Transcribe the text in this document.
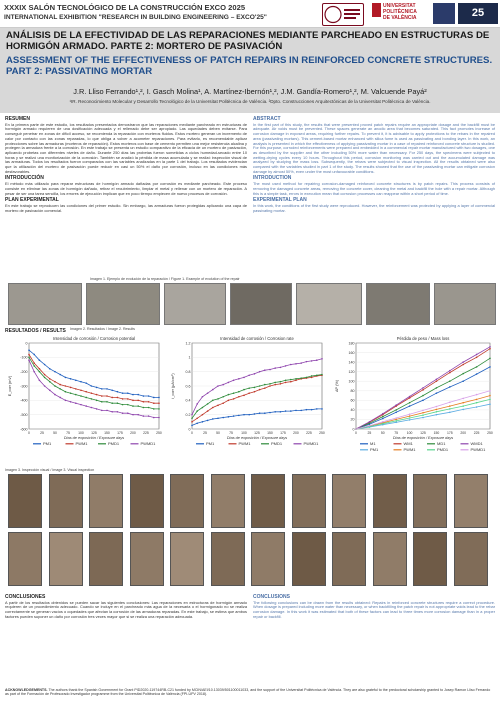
XXXIX SALÓN TECNOLÓGICO DE LA CONSTRUCCIÓN EXCO 2025
INTERNATIONAL EXHIBITION "RESEARCH IN BUILDING ENGINEERING – EXCO'25"
UNIVERSITAT POLITÈCNICA DE VALÈNCIA	25
ANÁLISIS DE LA EFECTIVIDAD DE LAS REPARACIONES MEDIANTE PARCHEADO EN ESTRUCTURAS DE HORMIGÓN ARMADO. PARTE 2: MORTERO DE PASIVACIÓN
ASSESSMENT OF THE EFFECTIVENESS OF PATCH REPAIRS IN REINFORCED CONCRETE STRUCTURES. PART 2: PASSIVATING MORTAR
J.R. Lliso Ferrando¹,², I. Gasch Molina¹, A. Martínez-Ibernón¹,², J.M. Gandía-Romero¹,², M. Valcuende Payá²
¹IR. Reconocimiento Molecular y Desarrollo Tecnológico de la Universitat Politècnica de València. ²Dpto. Construcciones Arquitectónicas de la Universitat Politècnica de València.
RESUMEN
En la primera parte de este estudio, los resultados presentados demostraron que las reparaciones mediante parcheado en estructuras de hormigón armado requieren de una dosificación adecuada y el rellenado debe ser apropiado. Las oquedades deben evitarse. Para conseguir penetrar en zonas de difícil acceso, se recomienda la reparación con morteros fluidos. Estos mortero generan un incremento de calor por contacto con las zonas reparadas, lo que obliga a volver a acometer reparaciones. Para evitarlo, es recomendable aplicar protecciones sobre las armaduras (morteros de reparación). Estos morteros con base de cemento permiten una mejor resistencia alcalina y protegen la armadura frente a la corrosión. En este trabajo se presenta un estudio comparativo de la eficacia de un mortero de pasivación, aplicando probetas con diferentes niveles de daño. Durante 250 días las probetas fueron sometidas a ciclos humedad-secado entre 10 horas y se realizó una monitorización de la corrosión. También se analizó la pérdida de masa acumulada y se realizó inspección visual de las armaduras. Todos los resultados fueron comparados con las variables analizadas en la parte 1 del trabajo. Los resultados evidencian que la utilización del mortero de pasivación puede reducir en casi un 50% el daño por corrosión, incluso en las condiciones más desfavorables.
INTRODUCCIÓN
El método más utilizado para reparar estructuras de hormigón armado dañadas por corrosión es mediante parcheado. Este proceso consiste en eliminar las zonas de hormigón dañado, retirar el recubrimiento, limpiar el metal y rellenar con un mortero de reparación. A pesar de ser una tarea sencilla, los errores de ejecución implican que en poco tiempo empiecen de nuevo procesos de corrosión.
PLAN EXPERIMENTAL
En este trabajo se reproducen las condiciones del primer estudio. Sin embargo, las armaduras fueron protegidas aplicando una capa de mortero de pasivación comercial.
ABSTRACT
In the first part of this study, the results that were presented proved patch repairs require an appropriate dosage and the backfill must be adequate. Air voids must be prevented. These spaces generate an anodic area that becomes saturated. This fact promotes increase of corrosion damage in exposed areas, requiring further repairs. To prevent it, it is advisable to apply protections to the rebars in the repaired area (passivating mortars). This cement-based mortar enhanced with silica fume is used as passivating and bonding layer. In this work, an analysis is presented in which the effectiveness of applying passivating mortar in a case of repaired reinforced concrete structure is studied. For this purpose, corroded reinforcements were prepared and embedded in a commercial repair mortar manufactured with two dosages, one as described by the supplier and the other including 50% more water than necessary. For 250 days, the specimens were subjected to wetting-drying cycles every 10 hours. Throughout this period, corrosion monitoring was carried out and the accumulated damage was analyzed by studying the mass loss. Subsequently, the rebars were subjected to visual inspection. All the results obtained were also compared with the variables studied in part 1 of the study. The results showed that the use of the passivating mortar can mitigate corrosion damage by almost 50%, even under the most unfavourable conditions.
INTRODUCTION
The most used method for repairing corrosion-damaged reinforced concrete structures is by patch repairs. This process consists of removing the damaged concrete areas, removing the concrete cover, cleaning the metal and backfill the hole with a repair mortar. Although this is a simple task, errors in execution mean that corrosion processes can reappear within a short period of time.
EXPERIMENTAL PLAN
In this work, the conditions of the first study were reproduced. However, the reinforcement was protected by applying a layer of commercial passivating mortar.
Imagen 1. Ejemplo de evolución de la reparación / Figure 1. Example of evolution of the repair
RESULTADOS / RESULTS Imagen 2. Resultados / Image 2. Results
Intensidad de corrosión / Corrosion potential
0
-100
-200
-300
-400
-500
-600
0	25	50	75 100 125 150 175 200 225 250
Días de exposición / Exposure days
E_corr (mV)
PM1	PWM1	PMD1	PWMD1
Intensidad de corrosión / Corrosion rate
0
0.2
0.4
0.6
0.8
1
1.2
0	25	50	75 100 125 150 175 200 225 250
Días de exposición / Exposure days
i_corr (μA/cm²)
PM1	PWM1	PMD1	PWMD1
Pérdida de peso / Mass loss
0
20
40
60
80
100
120
140
160
180
0	25	50	75	100 125 150 175 200 225 250
Días de exposición / Exposure days
ΔP (%)
M1	WM1	MD1	WMD1
PM1	PWM1	PMD1	PWMD1
Imagen 3. Inspección visual / Image 3. Visual inspection
CONCLUSIONES
A partir de los resultados obtenidos se pueden sacar las siguientes conclusiones: Las reparaciones en estructuras de hormigón armado requieren de un procedimiento adecuado. Cuando se incluye en el parcheado más agua de la necesaria o el hormigonado no se realiza correctamente se generan vacíos o oquedades que afectan la corrosión de las armaduras reparadas. En este trabajo, se estima que ambos factores pueden suponer un daño por corrosión tres veces mayor que si se realiza una reparación adecuada.
CONCLUSIONS
The following conclusions can be drawn from the results obtained: Repairs in reinforced concrete structures require a correct procedure. When dosage is prepared including more water than necessary, or when backfilling the patch repair is not appropriate voids lead to the rebar corrosion damage. In this work it was estimated that both of these factors can lead to three times more corrosion damage than in a proper repair or backfill.
ACKNOWLEDGEMENTS. The authors thank the Spanish Government for Grant PID2020-119744RB-C21 funded by MCIN/AEI/10.13039/501100011033, and the support of the Universitat Politècnica de València. They are also grateful to the predoctoral scholarship granted to Josep Ramon Lliso Ferrando as part of the Formación de Profesorado Investigador programme from the Universitat Politècnica de València (FPI-UPV 2018).
